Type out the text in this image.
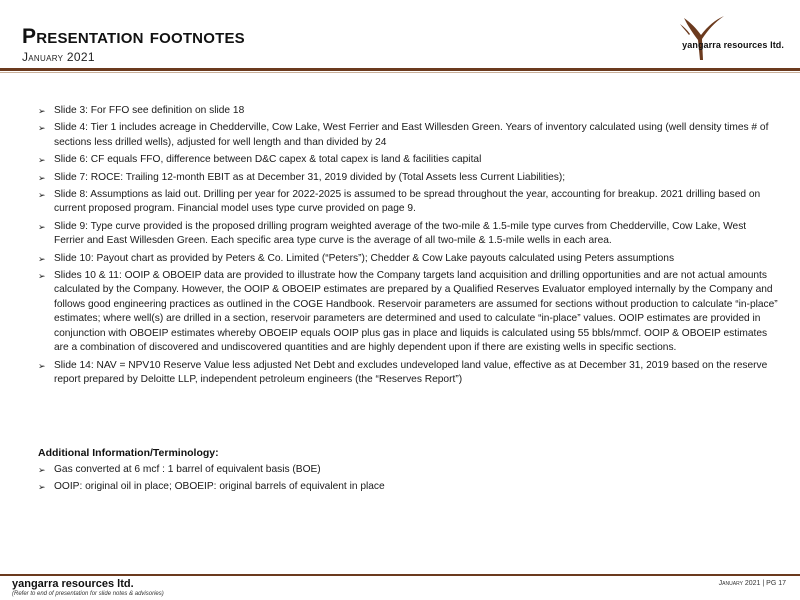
Presentation footnotes
January 2021
yangarra resources ltd.
➢ Slide 3: For FFO see definition on slide 18
➢ Slide 4: Tier 1 includes acreage in Chedderville, Cow Lake, West Ferrier and East Willesden Green. Years of inventory calculated using (well density times # of sections less drilled wells), adjusted for well length and than divided by 24
➢ Slide 6: CF equals FFO, difference between D&C capex & total capex is land & facilities capital
➢ Slide 7: ROCE: Trailing 12-month EBIT as at December 31, 2019 divided by (Total Assets less Current Liabilities);
➢ Slide 8: Assumptions as laid out. Drilling per year for 2022-2025 is assumed to be spread throughout the year, accounting for breakup. 2021 drilling based on current proposed program. Financial model uses type curve provided on page 9.
➢ Slide 9: Type curve provided is the proposed drilling program weighted average of the two-mile & 1.5-mile type curves from Chedderville, Cow Lake, West Ferrier and East Willesden Green. Each specific area type curve is the average of all two-mile & 1.5-mile wells in each area.
➢ Slide 10: Payout chart as provided by Peters & Co. Limited (“Peters”); Chedder & Cow Lake payouts calculated using Peters assumptions
➢ Slides 10 & 11: OOIP & OBOEIP data are provided to illustrate how the Company targets land acquisition and drilling opportunities and are not actual amounts calculated by the Company. However, the OOIP & OBOEIP estimates are prepared by a Qualified Reserves Evaluator employed internally by the Company and follows good engineering practices as outlined in the COGE Handbook. Reservoir parameters are assumed for sections without production to calculate “in-place” estimates; where well(s) are drilled in a section, reservoir parameters are determined and used to calculate “in-place” values. OOIP estimates are provided in conjunction with OBOEIP estimates whereby OBOEIP equals OOIP plus gas in place and liquids is calculated using 55 bbls/mmcf. OOIP & OBOEIP estimates are a combination of discovered and undiscovered quantities and are highly dependent upon if there are existing wells in specific sections.
➢ Slide 14: NAV = NPV10 Reserve Value less adjusted Net Debt and excludes undeveloped land value, effective as at December 31, 2019 based on the reserve report prepared by Deloitte LLP, independent petroleum engineers (the “Reserves Report”)
Additional Information/Terminology:
➢ Gas converted at 6 mcf : 1 barrel of equivalent basis (BOE)
➢ OOIP: original oil in place; OBOEIP: original barrels of equivalent in place
yangarra resources ltd.
(Refer to end of presentation for slide notes & advisories)
January 2021 | PG 17
